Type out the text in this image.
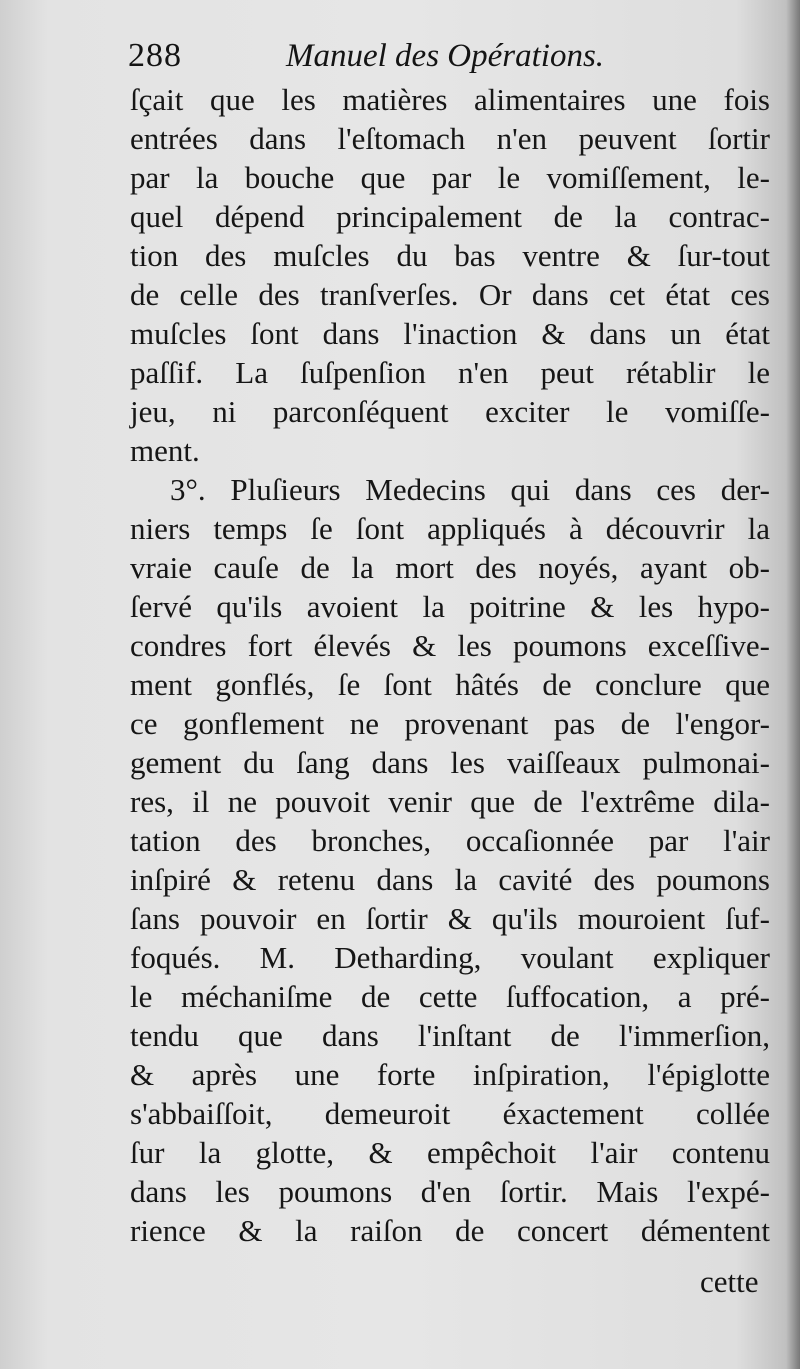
288	Manuel des Opérations.
ſçait que les matières alimentaires une fois
entrées dans l'eſtomach n'en peuvent ſortir
par la bouche que par le vomiſſement, le-
quel dépend principalement de la contrac-
tion des muſcles du bas ventre & ſur-tout
de celle des tranſverſes. Or dans cet état ces
muſcles ſont dans l'inaction & dans un état
paſſif. La ſuſpenſion n'en peut rétablir le
jeu, ni parconſéquent exciter le vomiſſe-
ment.
3°. Pluſieurs Medecins qui dans ces der-
niers temps ſe ſont appliqués à découvrir la
vraie cauſe de la mort des noyés, ayant ob-
ſervé qu'ils avoient la poitrine & les hypo-
condres fort élevés & les poumons exceſſive-
ment gonflés, ſe ſont hâtés de conclure que
ce gonflement ne provenant pas de l'engor-
gement du ſang dans les vaiſſeaux pulmonai-
res, il ne pouvoit venir que de l'extrême dila-
tation des bronches, occaſionnée par l'air
inſpiré & retenu dans la cavité des poumons
ſans pouvoir en ſortir & qu'ils mouroient ſuf-
foqués. M. Detharding, voulant expliquer
le méchaniſme de cette ſuffocation, a pré-
tendu que dans l'inſtant de l'immerſion,
& après une forte inſpiration, l'épiglotte
s'abbaiſſoit, demeuroit éxactement collée
ſur la glotte, & empêchoit l'air contenu
dans les poumons d'en ſortir. Mais l'expé-
rience & la raiſon de concert démentent
cette
